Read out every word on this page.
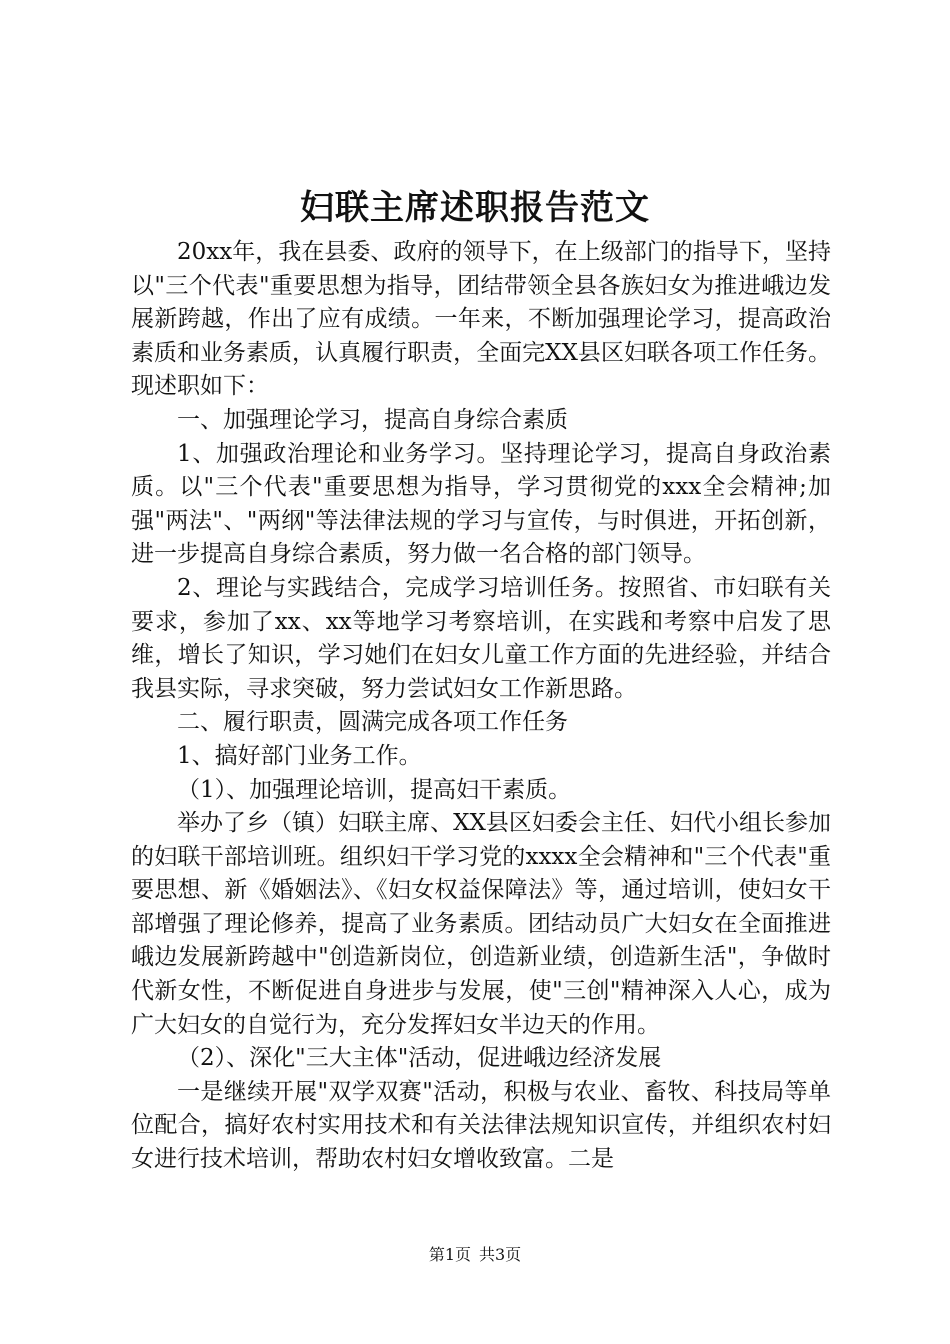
妇联主席述职报告范文

20xx年，我在县委、政府的领导下，在上级部门的指导下，坚持以"三个代表"重要思想为指导，团结带领全县各族妇女为推进峨边发展新跨越，作出了应有成绩。一年来，不断加强理论学习，提高政治素质和业务素质，认真履行职责，全面完XX县区妇联各项工作任务。现述职如下：

一、加强理论学习，提高自身综合素质

1、加强政治理论和业务学习。坚持理论学习，提高自身政治素质。以"三个代表"重要思想为指导，学习贯彻党的xxx全会精神;加强"两法"、"两纲"等法律法规的学习与宣传，与时俱进，开拓创新，进一步提高自身综合素质，努力做一名合格的部门领导。

2、理论与实践结合，完成学习培训任务。按照省、市妇联有关要求，参加了xx、xx等地学习考察培训，在实践和考察中启发了思维，增长了知识，学习她们在妇女儿童工作方面的先进经验，并结合我县实际，寻求突破，努力尝试妇女工作新思路。

二、履行职责，圆满完成各项工作任务

1、搞好部门业务工作。

（1）、加强理论培训，提高妇干素质。

举办了乡（镇）妇联主席、XX县区妇委会主任、妇代小组长参加的妇联干部培训班。组织妇干学习党的xxxx全会精神和"三个代表"重要思想、新《婚姻法》、《妇女权益保障法》等，通过培训，使妇女干部增强了理论修养，提高了业务素质。团结动员广大妇女在全面推进峨边发展新跨越中"创造新岗位，创造新业绩，创造新生活"，争做时代新女性，不断促进自身进步与发展，使"三创"精神深入人心，成为广大妇女的自觉行为，充分发挥妇女半边天的作用。

（2）、深化"三大主体"活动，促进峨边经济发展

一是继续开展"双学双赛"活动，积极与农业、畜牧、科技局等单位配合，搞好农村实用技术和有关法律法规知识宣传，并组织农村妇女进行技术培训，帮助农村妇女增收致富。二是

第1页 共3页
